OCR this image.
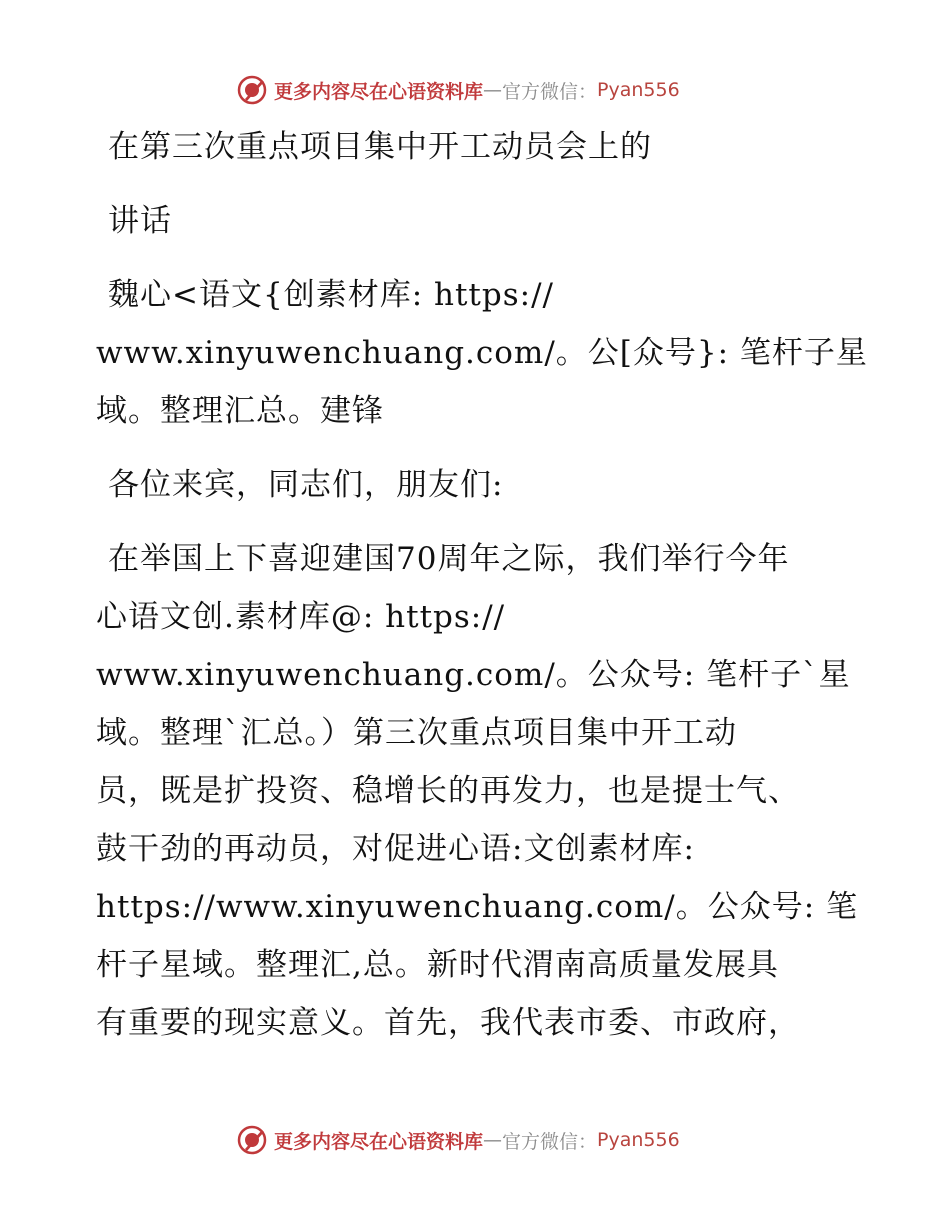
更多内容尽在心语资料库 — 官方微信： Pyan556
在第三次重点项目集中开工动员会上的
讲话
魏心<语文{创素材库: https://
www.xinyuwenchuang.com/。公[众号}: 笔杆子星
域。整理汇总。建锋
各位来宾，同志们，朋友们:
在举国上下喜迎建国70周年之际，我们举行今年
心语文创.素材库@: https://
www.xinyuwenchuang.com/。公众号: 笔杆子`星
域。整理`汇总。）第三次重点项目集中开工动
员，既是扩投资、稳增长的再发力，也是提士气、
鼓干劲的再动员，对促进心语:文创素材库:
https://www.xinyuwenchuang.com/。公众号: 笔
杆子星域。整理汇,总。新时代渭南高质量发展具
有重要的现实意义。首先，我代表市委、市政府，
更多内容尽在心语资料库 — 官方微信： Pyan556
